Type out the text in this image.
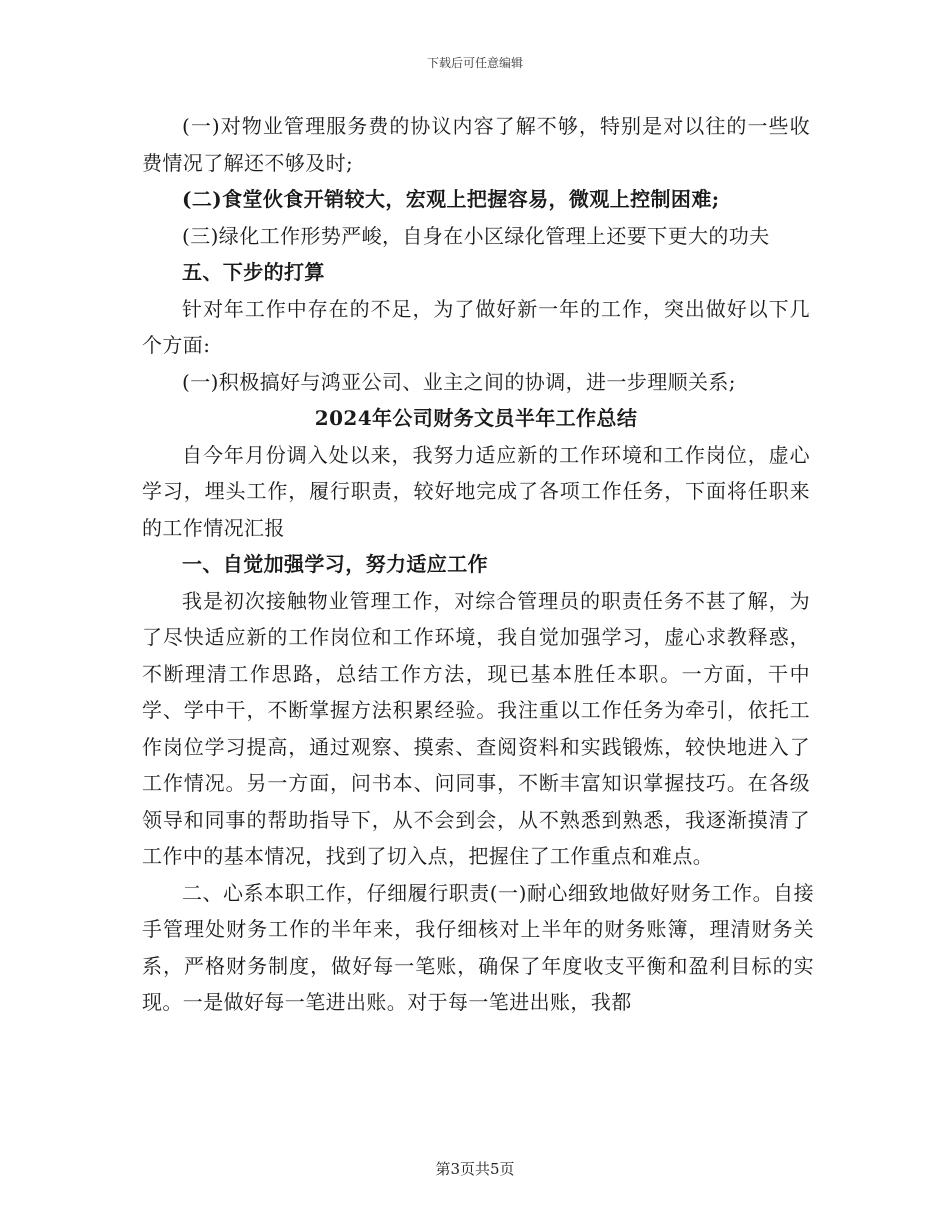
下载后可任意编辑

(一)对物业管理服务费的协议内容了解不够，特别是对以往的一些收费情况了解还不够及时;

(二)食堂伙食开销较大，宏观上把握容易，微观上控制困难;

(三)绿化工作形势严峻，自身在小区绿化管理上还要下更大的功夫

五、下步的打算

针对年工作中存在的不足，为了做好新一年的工作，突出做好以下几个方面:

(一)积极搞好与鸿亚公司、业主之间的协调，进一步理顺关系;

2024年公司财务文员半年工作总结

自今年月份调入处以来，我努力适应新的工作环境和工作岗位，虚心学习，埋头工作，履行职责，较好地完成了各项工作任务，下面将任职来的工作情况汇报

一、自觉加强学习，努力适应工作

我是初次接触物业管理工作，对综合管理员的职责任务不甚了解，为了尽快适应新的工作岗位和工作环境，我自觉加强学习，虚心求教释惑，不断理清工作思路，总结工作方法，现已基本胜任本职。一方面，干中学、学中干，不断掌握方法积累经验。我注重以工作任务为牵引，依托工作岗位学习提高，通过观察、摸索、查阅资料和实践锻炼，较快地进入了工作情况。另一方面，问书本、问同事，不断丰富知识掌握技巧。在各级领导和同事的帮助指导下，从不会到会，从不熟悉到熟悉，我逐渐摸清了工作中的基本情况，找到了切入点，把握住了工作重点和难点。

二、心系本职工作，仔细履行职责(一)耐心细致地做好财务工作。自接手管理处财务工作的半年来，我仔细核对上半年的财务账簿，理清财务关系，严格财务制度，做好每一笔账，确保了年度收支平衡和盈利目标的实现。一是做好每一笔进出账。对于每一笔进出账，我都

第3页共5页
